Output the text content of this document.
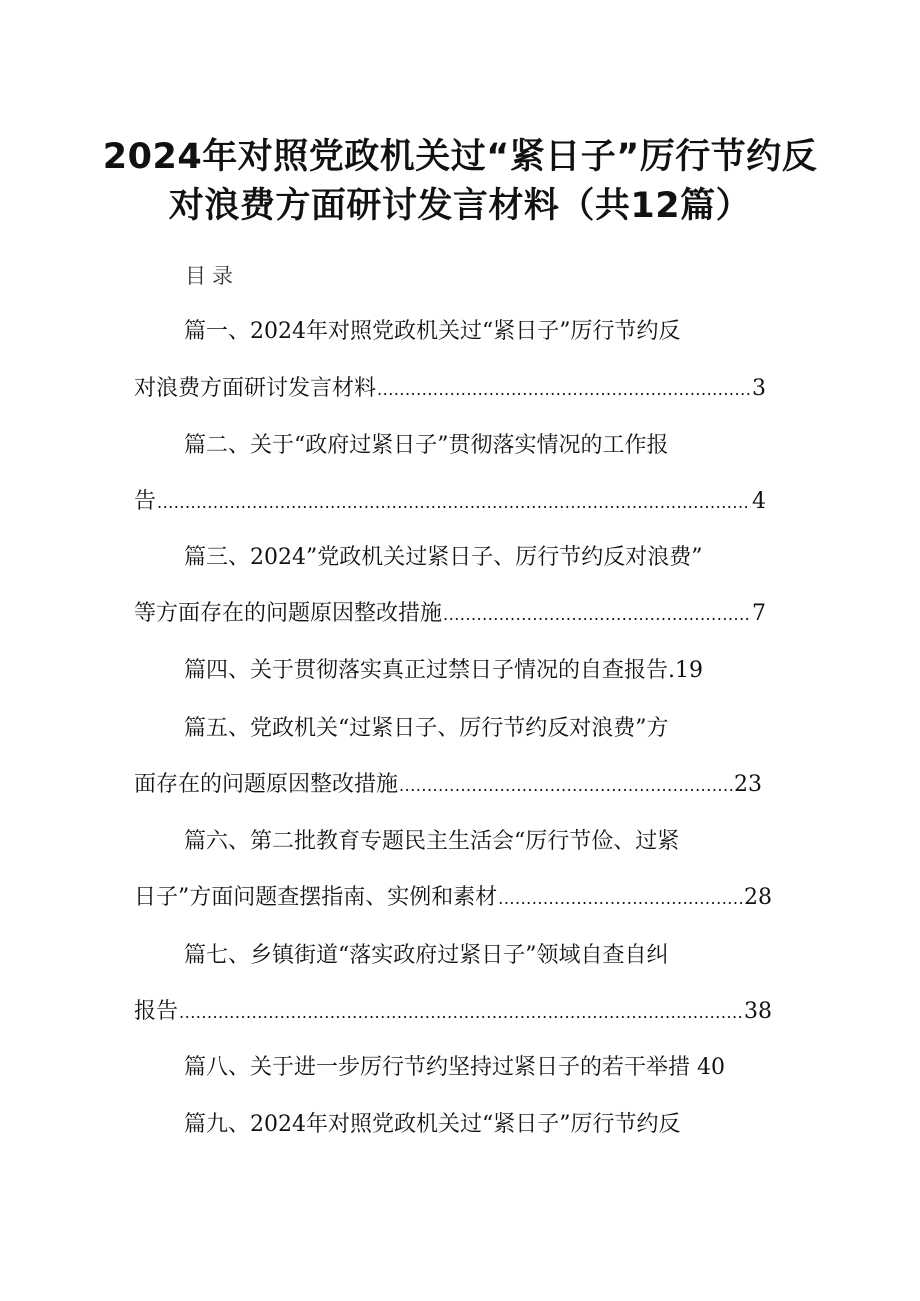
2024年对照党政机关过“紧日子”厉行节约反
对浪费方面研讨发言材料（共12篇）
目录
篇一、2024年对照党政机关过“紧日子”厉行节约反
对浪费方面研讨发言材料 .....	3
篇二、关于“政府过紧日子”贯彻落实情况的工作报
告 .....	4
篇三、2024”党政机关过紧日子、厉行节约反对浪费”
等方面存在的问题原因整改措施 .....	7
篇四、关于贯彻落实真正过禁日子情况的自查报告.19
篇五、党政机关“过紧日子、厉行节约反对浪费”方
面存在的问题原因整改措施 .....	23
篇六、第二批教育专题民主生活会“厉行节俭、过紧
日子”方面问题查摆指南、实例和素材 .....	28
篇七、乡镇街道“落实政府过紧日子”领域自查自纠
报告 .....	38
篇八、关于进一步厉行节约坚持过紧日子的若干举措 40
篇九、2024年对照党政机关过“紧日子”厉行节约反
